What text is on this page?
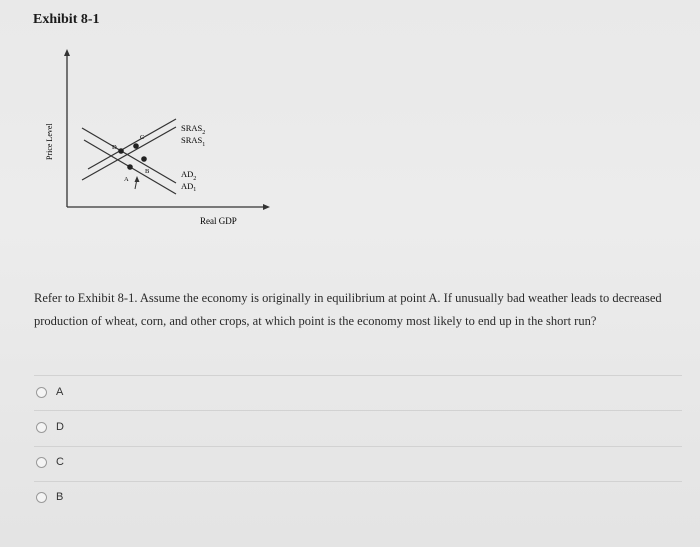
Exhibit 8-1
Price Level
Real GDP
A
B
C
D
$SRAS_2$
$SRAS_1$
$AD_2$
$AD_1$
Refer to Exhibit 8-1. Assume the economy is originally in equilibrium at point A. If unusually bad weather leads to decreased production of wheat, corn, and other crops, at which point is the economy most likely to end up in the short run?
A
D
C
B
